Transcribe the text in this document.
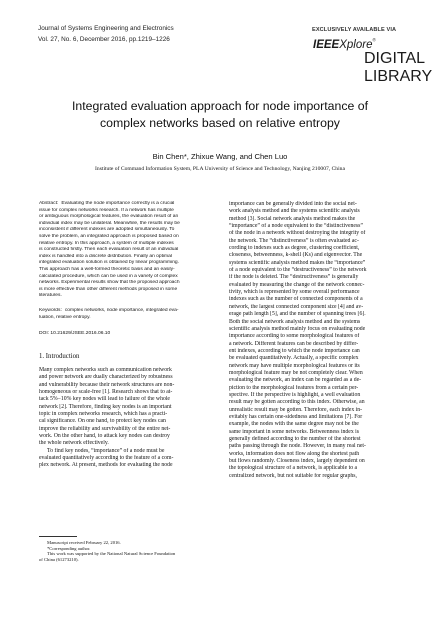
Journal of Systems Engineering and Electronics
Vol. 27, No. 6, December 2016, pp.1219–1226
EXCLUSIVELY AVAILABLE VIA
IEEEXplore®
DIGITAL LIBRARY
Integrated evaluation approach for node importance of
complex networks based on relative entropy
Bin Chen*, Zhixue Wang, and Chen Luo
Institute of Command Information System, PLA University of Science and Technology, Nanjing 210007, China
Abstract: Evaluating the node importance correctly is a crucial
issue for complex networks research. If a network has multiple
or ambiguous morphological features, the evaluation result of an
individual index may be unilateral. Meanwhile, the results may be
inconsistent if different indexes are adopted simultaneously. To
solve the problem, an integrated approach is proposed based on
relative entropy. In this approach, a system of multiple indexes
is constructed firstly. Then each evaluation result of an individual
index is handled into a discrete distribution. Finally an optimal
integrated evaluation solution is obtained by linear programming.
This approach has a well-formed theoretic basis and an easily-
calculated procedure, which can be used in a variety of complex
networks. Experimental results show that the proposed approach
is more effective than other different methods proposed in some
literatures.
Keywords: complex networks, node importance, integrated eva-
luation, relative entropy.
DOI: 10.21629/JSEE.2016.06.10
1. Introduction
Many complex networks such as communication network
and power network are dually characterized by robustness
and vulnerability because their network structures are non-
homogeneous or scale-free [1]. Research shows that to at-
tack 5%−10% key nodes will lead to failure of the whole
network [2]. Therefore, finding key nodes is an important
topic in complex networks research, which has a practi-
cal significance. On one hand, to protect key nodes can
improve the reliability and survivability of the entire net-
work. On the other hand, to attack key nodes can destroy
the whole network effectively.
To find key nodes, “importance” of a node must be
evaluated quantitatively according to the feature of a com-
plex network. At present, methods for evaluating the node
Manuscript received February 22, 2016.
*Corresponding author.
This work was supported by the National Natural Science Foundation
of China (61273210).
importance can be generally divided into the social net-
work analysis method and the systems scientific analysis
method [3]. Social network analysis method makes the
“importance” of a node equivalent to the “distinctiveness”
of the node in a network without destroying the integrity of
the network. The “distinctiveness” is often evaluated ac-
cording to indexes such as degree, clustering coefficient,
closeness, betweenness, k-shell (Ks) and eigenvector. The
systems scientific analysis method makes the “importance”
of a node equivalent to the “destructiveness” to the network
if the node is deleted. The “destructiveness” is generally
evaluated by measuring the change of the network connec-
tivity, which is represented by some overall performance
indexes such as the number of connected components of a
network, the largest connected component size [4] and av-
erage path length [5], and the number of spanning trees [6].
Both the social network analysis method and the systems
scientific analysis method mainly focus on evaluating node
importance according to some morphological features of
a network. Different features can be described by differ-
ent indexes, according to which the node importance can
be evaluated quantitatively. Actually, a specific complex
network may have multiple morphological features or its
morphological feature may be not completely clear. When
evaluating the network, an index can be regarded as a de-
piction to the morphological features from a certain per-
spective. If the perspective is highlight, a well evaluation
result may be gotten according to this index. Otherwise, an
unrealistic result may be gotten. Therefore, each index in-
evitably has certain one-sidedness and limitations [7]. For
example, the nodes with the same degree may not be the
same important in some networks. Betweenness index is
generally defined according to the number of the shortest
paths passing through the node. However, in many real net-
works, information does not flow along the shortest path
but flows randomly. Closeness index, largely dependent on
the topological structure of a network, is applicable to a
centralized network, but not suitable for regular graphs,
